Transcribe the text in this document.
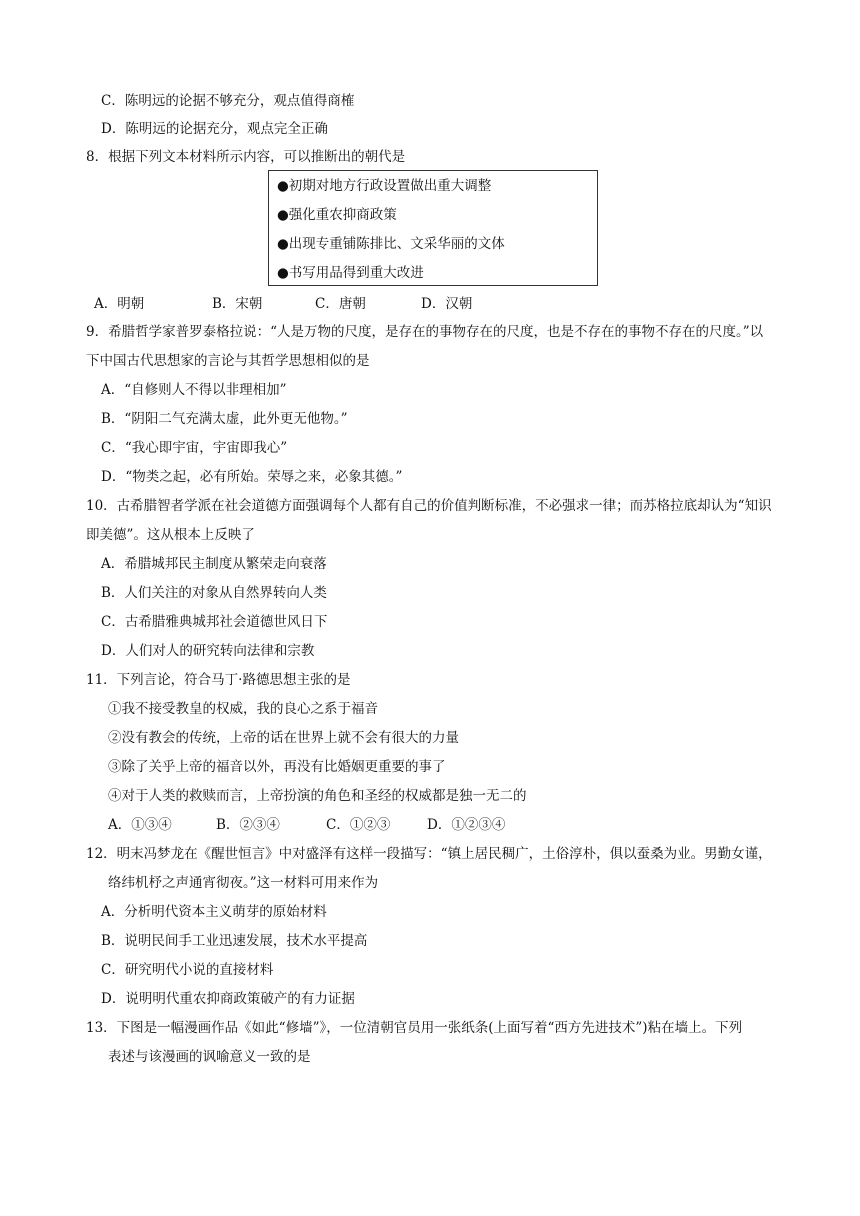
C．陈明远的论据不够充分，观点值得商榷
D．陈明远的论据充分，观点完全正确
8．根据下列文本材料所示内容，可以推断出的朝代是
●初期对地方行政设置做出重大调整
●强化重农抑商政策
●出现专重铺陈排比、文采华丽的文体
●书写用品得到重大改进
A．明朝	B．宋朝	C．唐朝	D．汉朝
9．希腊哲学家普罗泰格拉说：“人是万物的尺度，是存在的事物存在的尺度，也是不存在的事物不存在的尺度。”以
下中国古代思想家的言论与其哲学思想相似的是
A．“自修则人不得以非理相加”
B．“阴阳二气充满太虚，此外更无他物。”
C．“我心即宇宙，宇宙即我心”
D．“物类之起，必有所始。荣辱之来，必象其德。”
10．古希腊智者学派在社会道德方面强调每个人都有自己的价值判断标准，不必强求一律；而苏格拉底却认为“知识
即美德”。这从根本上反映了
A．希腊城邦民主制度从繁荣走向衰落
B．人们关注的对象从自然界转向人类
C．古希腊雅典城邦社会道德世风日下
D．人们对人的研究转向法律和宗教
11．下列言论，符合马丁·路德思想主张的是
①我不接受教皇的权威，我的良心之系于福音
②没有教会的传统，上帝的话在世界上就不会有很大的力量
③除了关乎上帝的福音以外，再没有比婚姻更重要的事了
④对于人类的救赎而言，上帝扮演的角色和圣经的权威都是独一无二的
A．①③④	B．②③④	C．①②③	D．①②③④
12．明末冯梦龙在《醒世恒言》中对盛泽有这样一段描写：“镇上居民稠广，土俗淳朴，俱以蚕桑为业。男勤女谨，
络纬机杼之声通宵彻夜。”这一材料可用来作为
A．分析明代资本主义萌芽的原始材料
B．说明民间手工业迅速发展，技术水平提高
C．研究明代小说的直接材料
D．说明明代重农抑商政策破产的有力证据
13．下图是一幅漫画作品《如此“修墙”》，一位清朝官员用一张纸条(上面写着“西方先进技术”)粘在墙上。下列
表述与该漫画的讽喻意义一致的是
